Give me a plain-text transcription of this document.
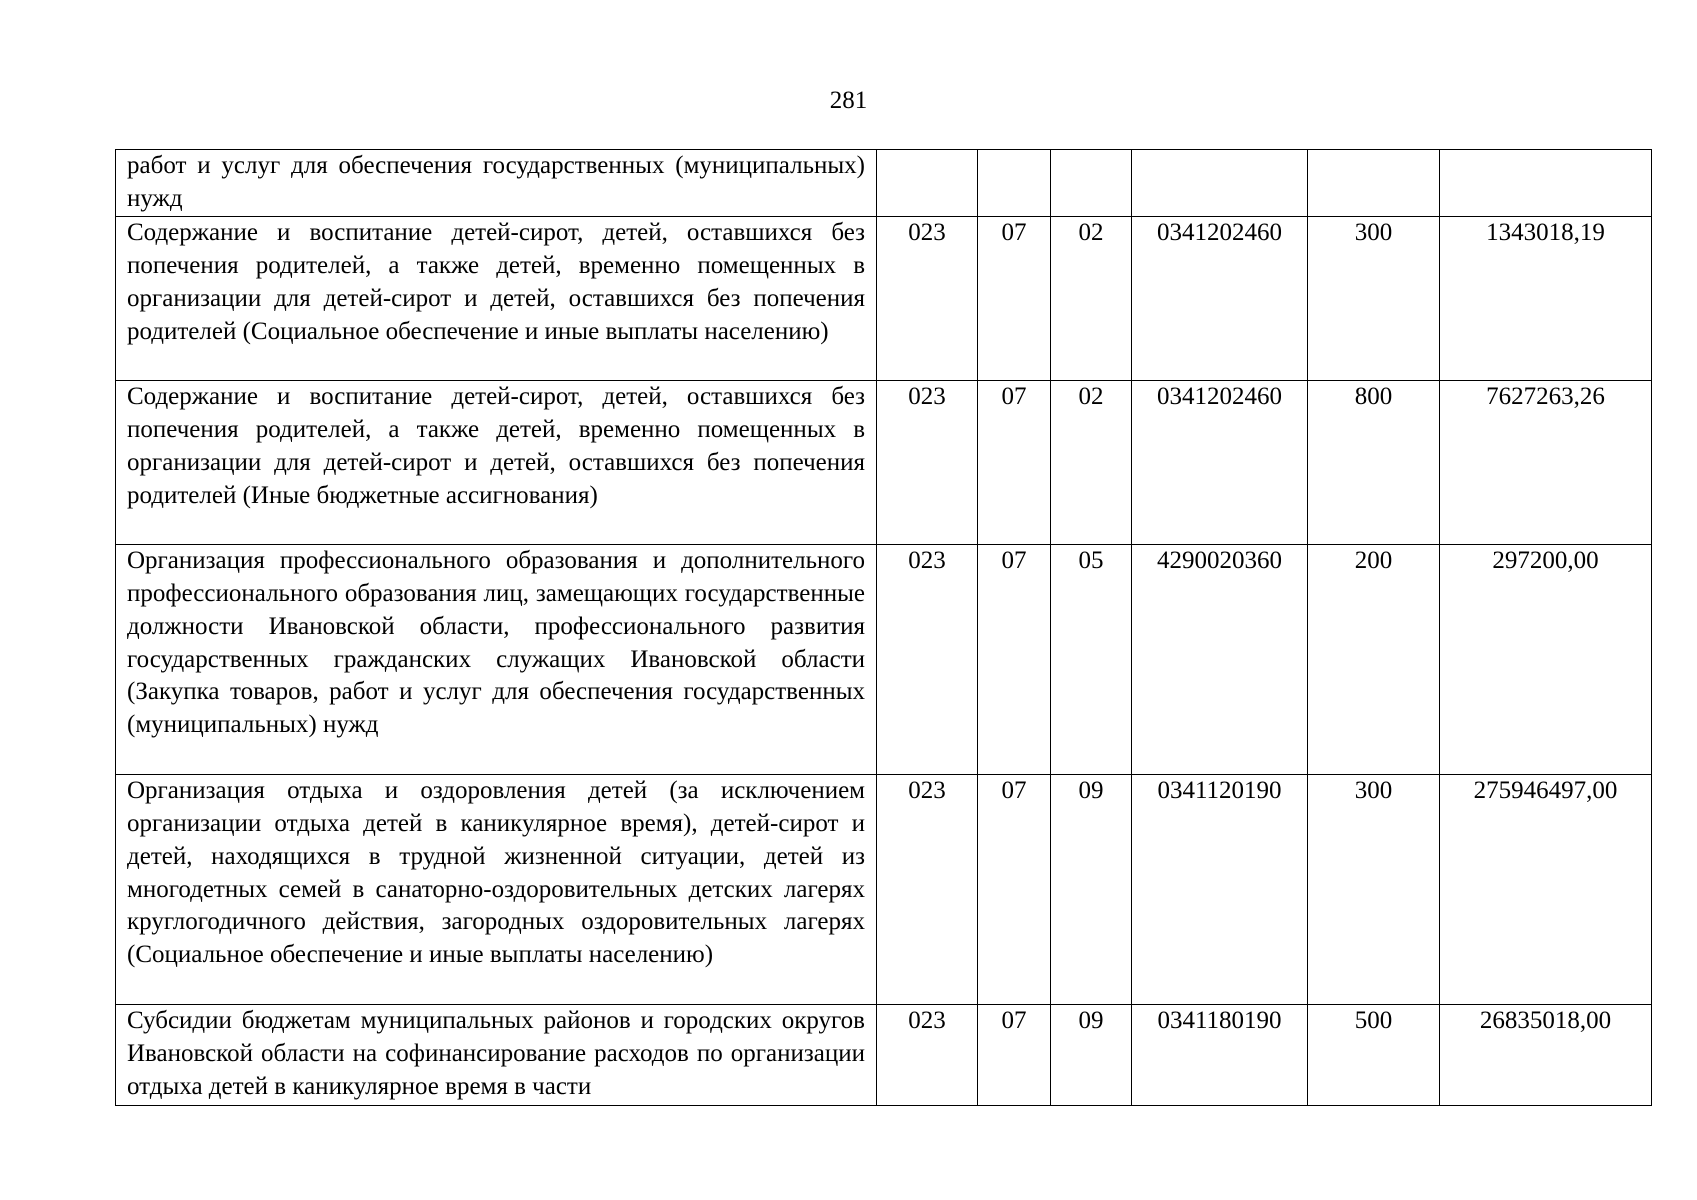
281
работ и услуг для обеспечения государственных (муниципальных) нужд						
Содержание и воспитание детей-сирот, детей, оставшихся без попечения родителей, а также детей, временно помещенных в организации для детей-сирот и детей, оставшихся без попечения родителей (Социальное обеспечение и иные выплаты населению)	023	07	02	0341202460	300	1343018,19
Содержание и воспитание детей-сирот, детей, оставшихся без попечения родителей, а также детей, временно помещенных в организации для детей-сирот и детей, оставшихся без попечения родителей (Иные бюджетные ассигнования)	023	07	02	0341202460	800	7627263,26
Организация профессионального образования и дополнительного профессионального образования лиц, замещающих государственные должности Ивановской области, профессионального развития государственных гражданских служащих Ивановской области (Закупка товаров, работ и услуг для обеспечения государственных (муниципальных) нужд	023	07	05	4290020360	200	297200,00
Организация отдыха и оздоровления детей (за исключением организации отдыха детей в каникулярное время), детей-сирот и детей, находящихся в трудной жизненной ситуации, детей из многодетных семей в санаторно-оздоровительных детских лагерях круглогодичного действия, загородных оздоровительных лагерях (Социальное обеспечение и иные выплаты населению)	023	07	09	0341120190	300	275946497,00
Субсидии бюджетам муниципальных районов и городских округов Ивановской области на софинансирование расходов по организации отдыха детей в каникулярное время в части	023	07	09	0341180190	500	26835018,00
